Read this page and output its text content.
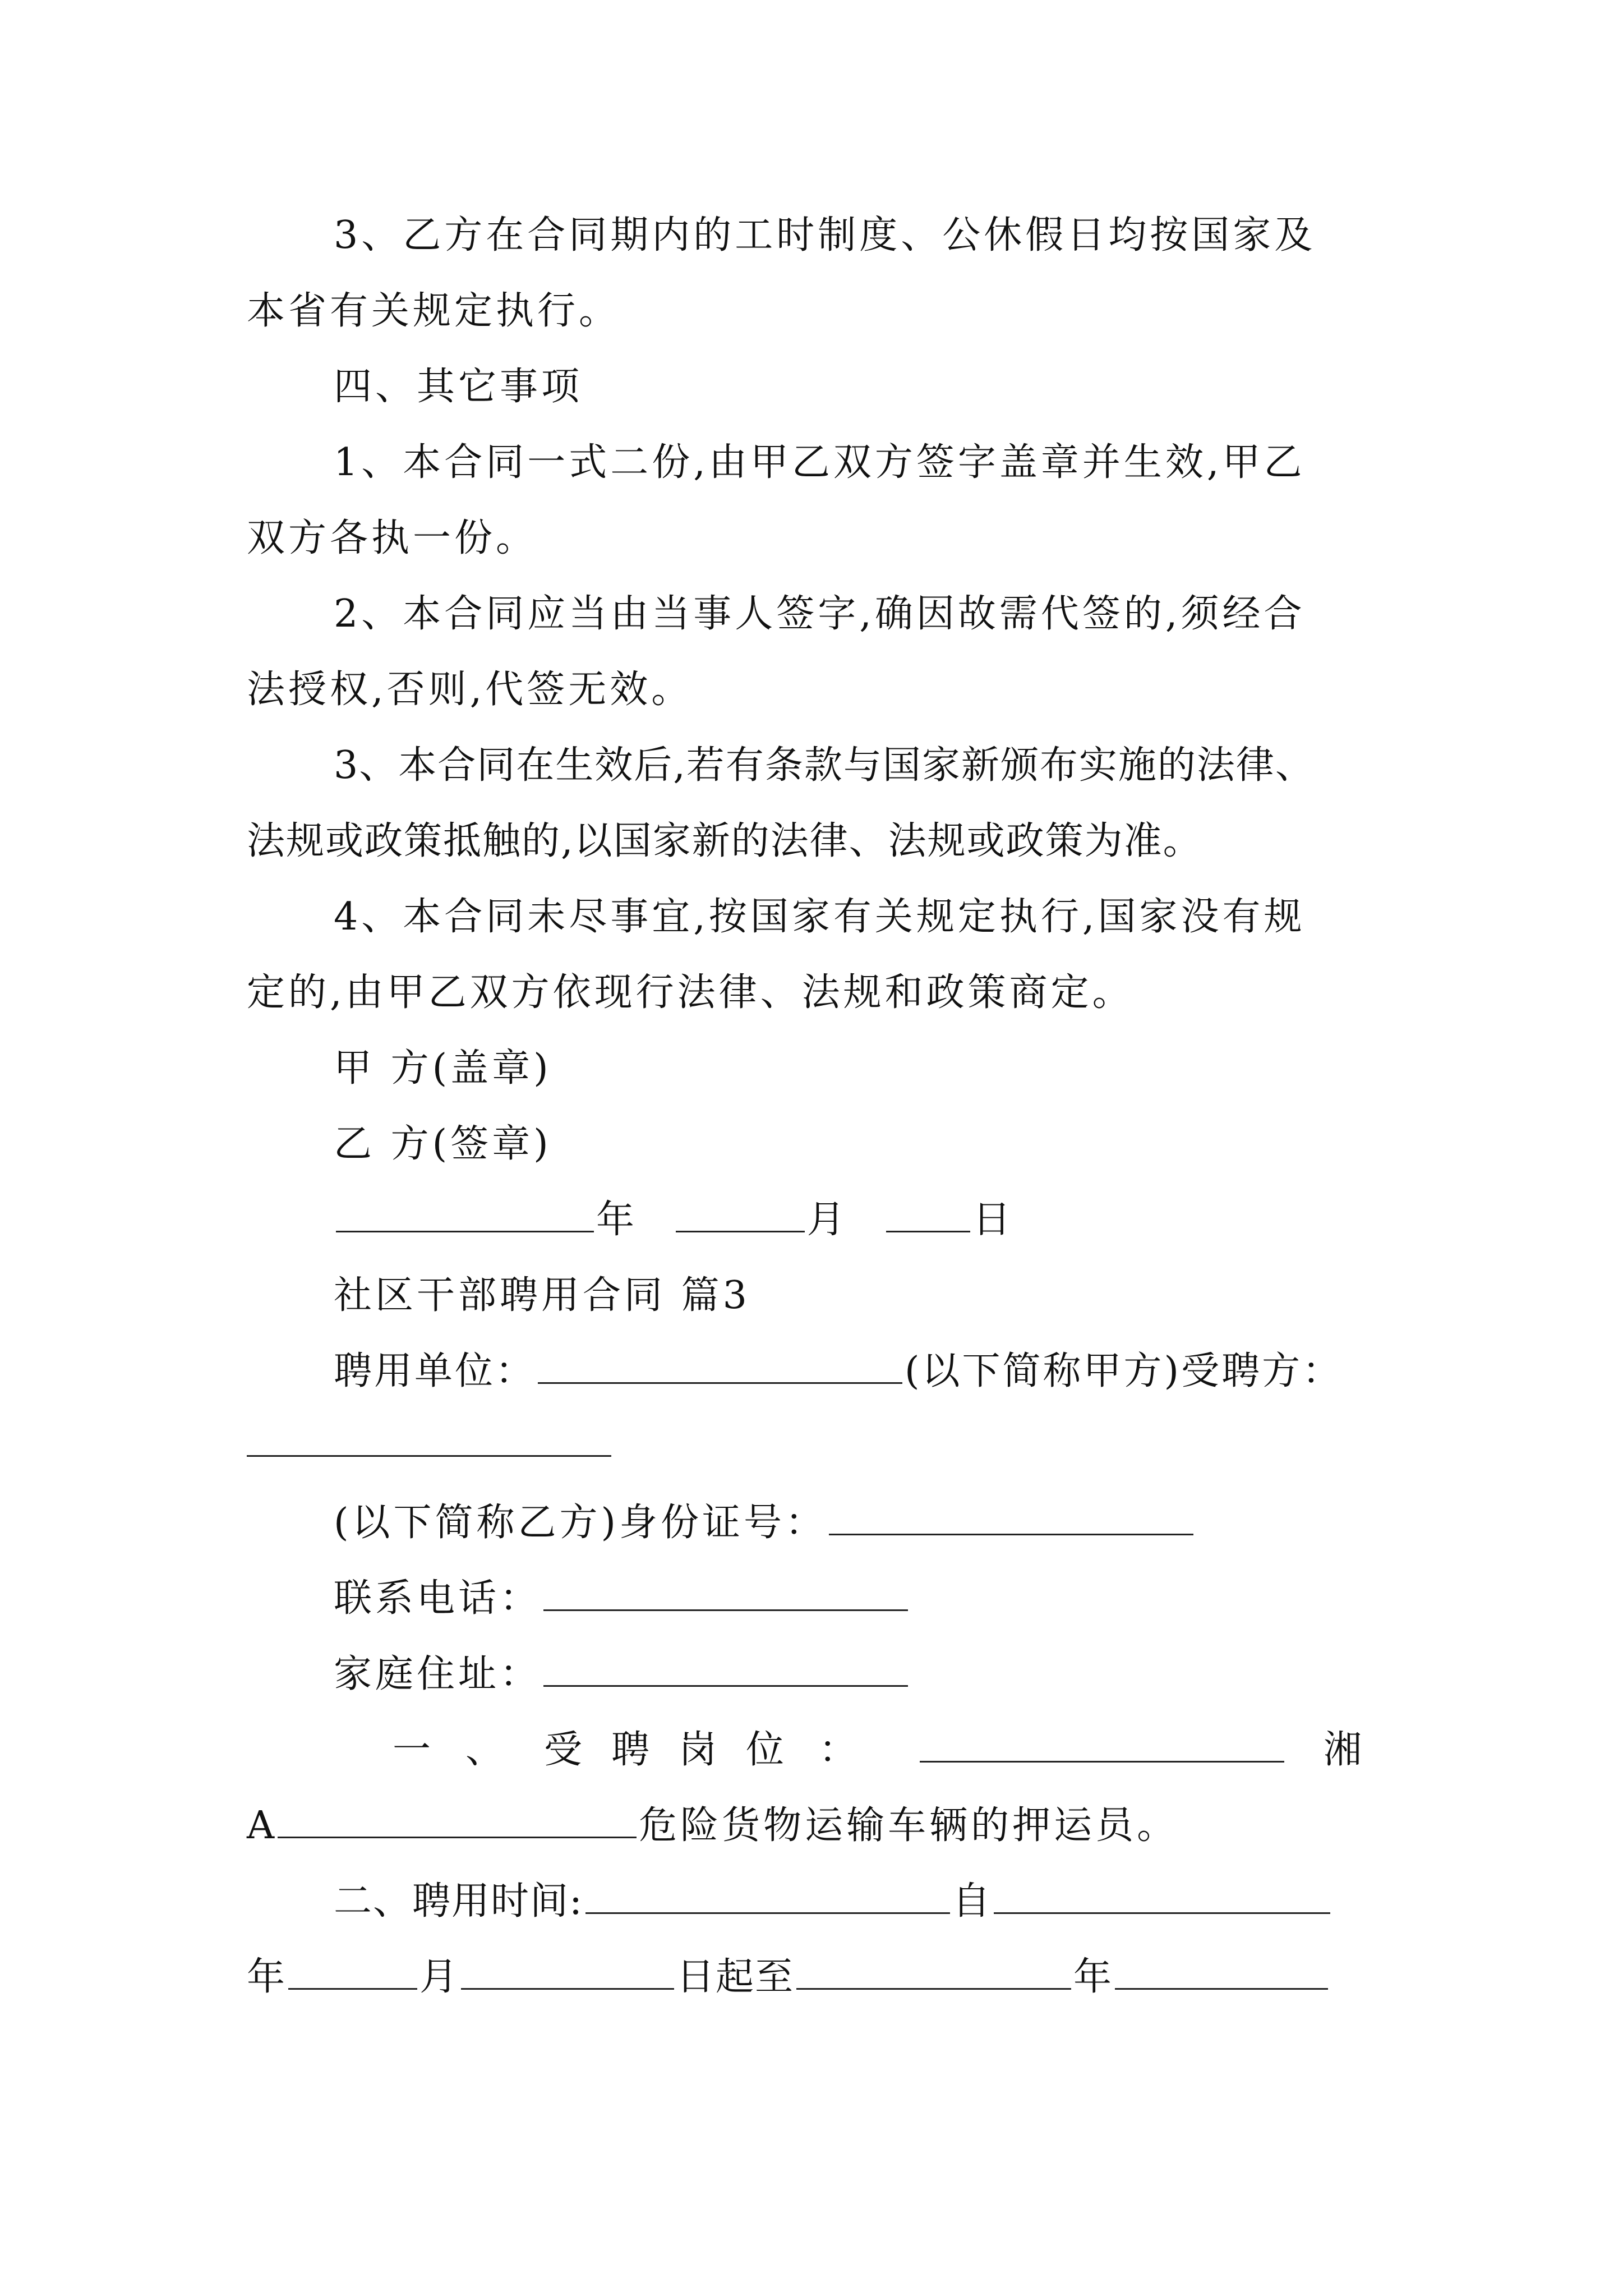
3、乙方在合同期内的工时制度、公休假日均按国家及
本省有关规定执行。
四、其它事项
1、本合同一式二份,由甲乙双方签字盖章并生效,甲乙
双方各执一份。
2、本合同应当由当事人签字,确因故需代签的,须经合
法授权,否则,代签无效。
3、本合同在生效后,若有条款与国家新颁布实施的法律、
法规或政策抵触的,以国家新的法律、法规或政策为准。
4、本合同未尽事宜,按国家有关规定执行,国家没有规
定的,由甲乙双方依现行法律、法规和政策商定。
甲 方(盖章)
乙 方(签章)
年	月	日
社区干部聘用合同 篇3
聘用单位：	(以下简称甲方)受聘方：
(以下简称乙方)身份证号：
联系电话：
家庭住址：
一 、 受 聘 岗 位 ：	湘
A	危险货物运输车辆的押运员。
二、聘用时间:	自
年	月	日起至	年
